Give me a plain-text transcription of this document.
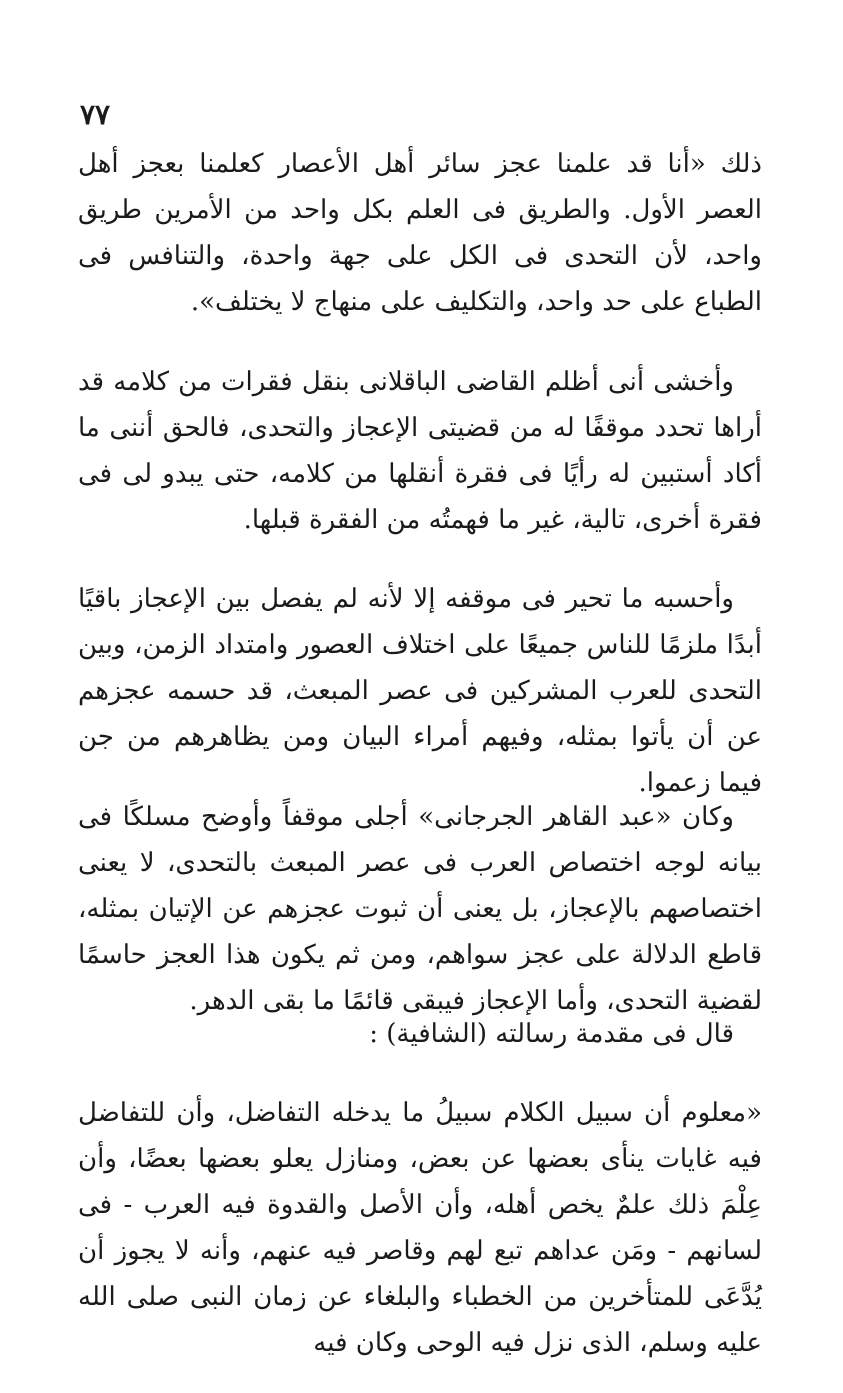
٧٧

ذلك «أنا قد علمنا عجز سائر أهل الأعصار كعلمنا بعجز أهل العصر الأول. والطريق فى العلم بكل واحد من الأمرين طريق واحد، لأن التحدى فى الكل على جهة واحدة، والتنافس فى الطباع على حد واحد، والتكليف على منهاج لا يختلف».

وأخشى أنى أظلم القاضى الباقلانى بنقل فقرات من كلامه قد أراها تحدد موقفًا له من قضيتى الإعجاز والتحدى، فالحق أننى ما أكاد أستبين له رأيًا فى فقرة أنقلها من كلامه، حتى يبدو لى فى فقرة أخرى، تالية، غير ما فهمتُه من الفقرة قبلها.

وأحسبه ما تحير فى موقفه إلا لأنه لم يفصل بين الإعجاز باقيًا أبدًا ملزمًا للناس جميعًا على اختلاف العصور وامتداد الزمن، وبين التحدى للعرب المشركين فى عصر المبعث، قد حسمه عجزهم عن أن يأتوا بمثله، وفيهم أمراء البيان ومن يظاهرهم من جن فيما زعموا.

وكان «عبد القاهر الجرجانى» أجلى موقفاً وأوضح مسلكًا فى بيانه لوجه اختصاص العرب فى عصر المبعث بالتحدى، لا يعنى اختصاصهم بالإعجاز، بل يعنى أن ثبوت عجزهم عن الإتيان بمثله، قاطع الدلالة على عجز سواهم، ومن ثم يكون هذا العجز حاسمًا لقضية التحدى، وأما الإعجاز فيبقى قائمًا ما بقى الدهر.

قال فى مقدمة رسالته (الشافية) :

«معلوم أن سبيل الكلام سبيلُ ما يدخله التفاضل، وأن للتفاضل فيه غايات ينأى بعضها عن بعض، ومنازل يعلو بعضها بعضًا، وأن عِلْمَ ذلك علمٌ يخص أهله، وأن الأصل والقدوة فيه العرب - فى لسانهم - ومَن عداهم تبع لهم وقاصر فيه عنهم، وأنه لا يجوز أن يُدَّعَى للمتأخرين من الخطباء والبلغاء عن زمان النبى صلى الله عليه وسلم، الذى نزل فيه الوحى وكان فيه
